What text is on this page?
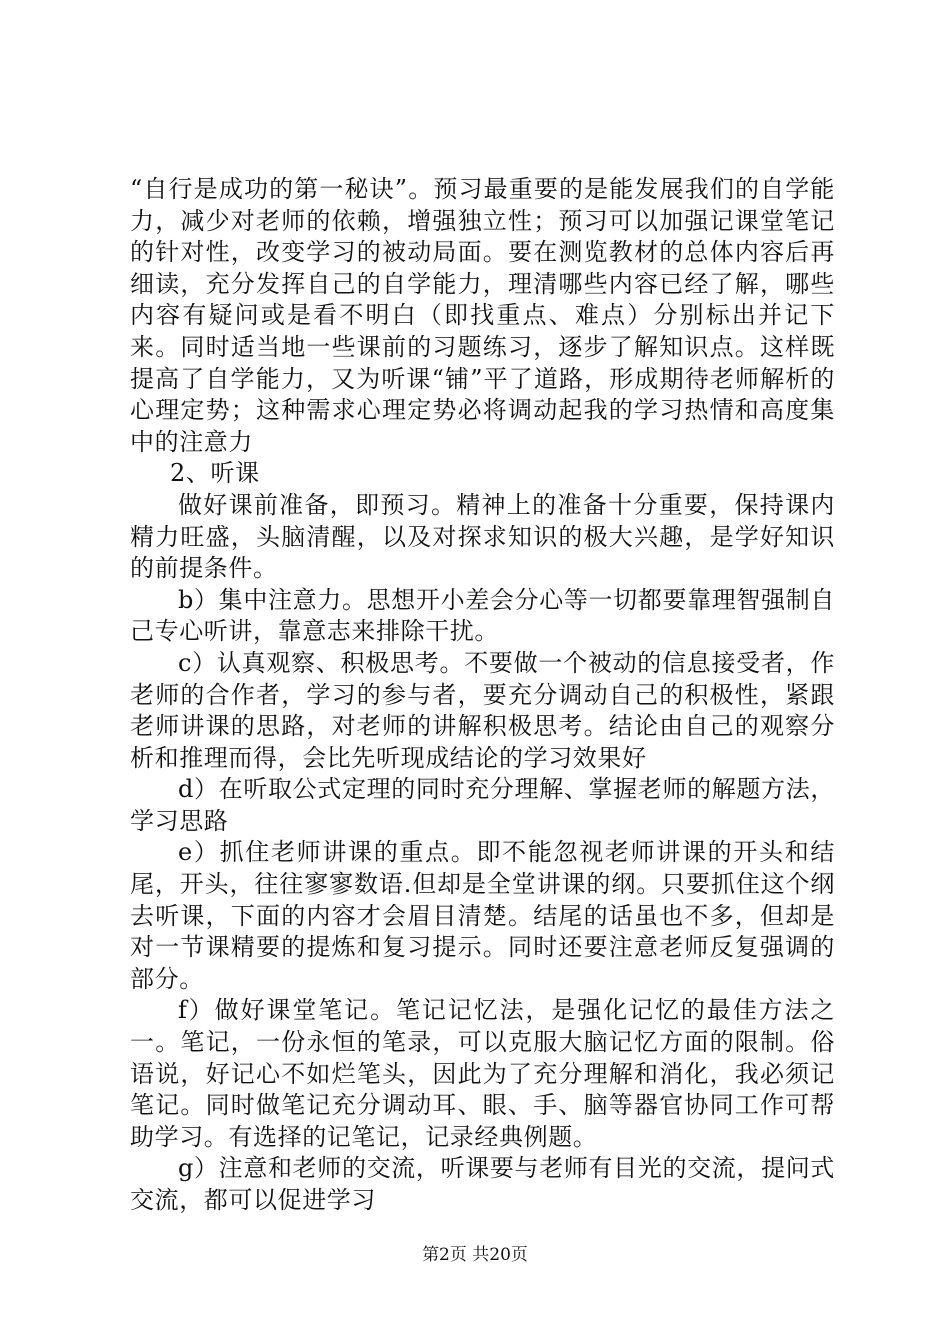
“自行是成功的第一秘诀”。预习最重要的是能发展我们的自学能力，减少对老师的依赖，增强独立性；预习可以加强记课堂笔记的针对性，改变学习的被动局面。要在测览教材的总体内容后再细读，充分发挥自己的自学能力，理清哪些内容已经了解，哪些内容有疑问或是看不明白（即找重点、难点）分别标出并记下来。同时适当地一些课前的习题练习，逐步了解知识点。这样既提高了自学能力，又为听课“铺”平了道路，形成期待老师解析的心理定势；这种需求心理定势必将调动起我的学习热情和高度集中的注意力

2、听课

做好课前准备，即预习。精神上的准备十分重要，保持课内精力旺盛，头脑清醒，以及对探求知识的极大兴趣，是学好知识的前提条件。

b）集中注意力。思想开小差会分心等一切都要靠理智强制自己专心听讲，靠意志来排除干扰。

c）认真观察、积极思考。不要做一个被动的信息接受者，作老师的合作者，学习的参与者，要充分调动自己的积极性，紧跟老师讲课的思路，对老师的讲解积极思考。结论由自己的观察分析和推理而得，会比先听现成结论的学习效果好

d）在听取公式定理的同时充分理解、掌握老师的解题方法，学习思路

e）抓住老师讲课的重点。即不能忽视老师讲课的开头和结尾，开头，往往寥寥数语.但却是全堂讲课的纲。只要抓住这个纲去听课，下面的内容才会眉目清楚。结尾的话虽也不多，但却是对一节课精要的提炼和复习提示。同时还要注意老师反复强调的部分。

f）做好课堂笔记。笔记记忆法，是强化记忆的最佳方法之一。笔记，一份永恒的笔录，可以克服大脑记忆方面的限制。俗语说，好记心不如烂笔头，因此为了充分理解和消化，我必须记笔记。同时做笔记充分调动耳、眼、手、脑等器官协同工作可帮助学习。有选择的记笔记，记录经典例题。

g）注意和老师的交流，听课要与老师有目光的交流，提问式交流，都可以促进学习

第2页 共20页
